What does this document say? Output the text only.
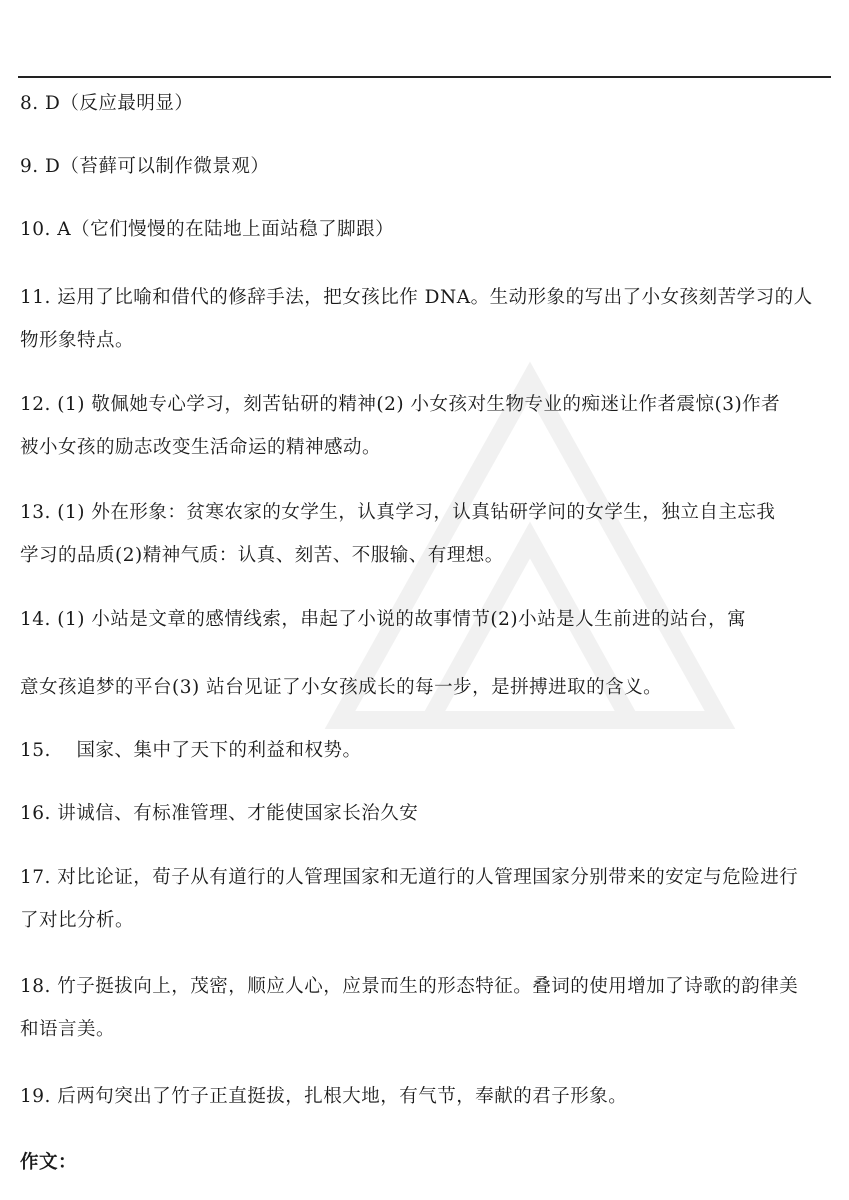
8. D（反应最明显）
9. D（苔藓可以制作微景观）
10. A（它们慢慢的在陆地上面站稳了脚跟）
11. 运用了比喻和借代的修辞手法，把女孩比作 DNA。生动形象的写出了小女孩刻苦学习的人
物形象特点。
12. (1) 敬佩她专心学习，刻苦钻研的精神(2) 小女孩对生物专业的痴迷让作者震惊(3)作者
被小女孩的励志改变生活命运的精神感动。
13. (1) 外在形象：贫寒农家的女学生，认真学习，认真钻研学问的女学生，独立自主忘我
学习的品质(2)精神气质：认真、刻苦、不服输、有理想。
14. (1) 小站是文章的感情线索，串起了小说的故事情节(2)小站是人生前进的站台，寓
意女孩追梦的平台(3) 站台见证了小女孩成长的每一步，是拼搏进取的含义。
15.    国家、集中了天下的利益和权势。
16. 讲诚信、有标准管理、才能使国家长治久安
17. 对比论证，荀子从有道行的人管理国家和无道行的人管理国家分别带来的安定与危险进行
了对比分析。
18. 竹子挺拔向上，茂密，顺应人心，应景而生的形态特征。叠词的使用增加了诗歌的韵律美
和语言美。
19. 后两句突出了竹子正直挺拔，扎根大地，有气节，奉献的君子形象。
作文：
